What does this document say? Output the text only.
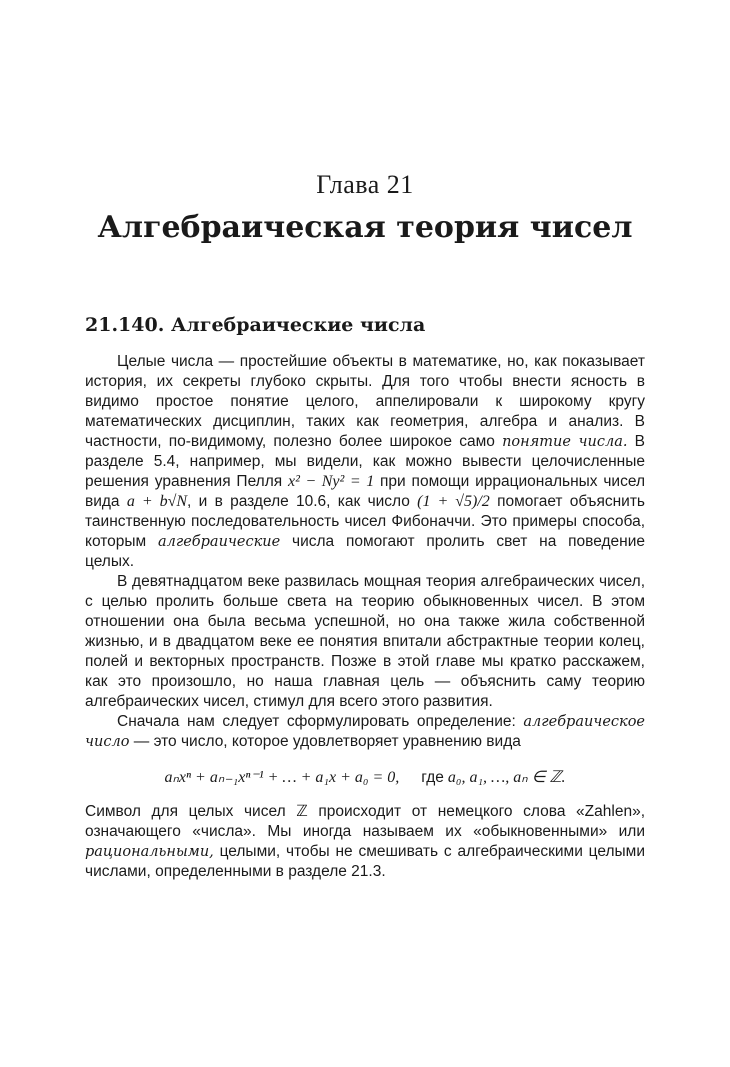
Глава 21
Алгебраическая теория чисел
21.140. Алгебраические числа

Целые числа — простейшие объекты в математике, но, как показывает история, их секреты глубоко скрыты. Для того чтобы внести ясность в видимо простое понятие целого, аппелировали к широкому кругу математических дисциплин, таких как геометрия, алгебра и анализ. В частности, по-видимому, полезно более широкое само понятие числа. В разделе 5.4, например, мы видели, как можно вывести целочисленные решения уравнения Пелля x² − Ny² = 1 при помощи иррациональных чисел вида a + b√N, и в разделе 10.6, как число (1 + √5)/2 помогает объяснить таинственную последовательность чисел Фибоначчи. Это примеры способа, которым алгебраические числа помогают пролить свет на поведение целых.

В девятнадцатом веке развилась мощная теория алгебраических чисел, с целью пролить больше света на теорию обыкновенных чисел. В этом отношении она была весьма успешной, но она также жила собственной жизнью, и в двадцатом веке ее понятия впитали абстрактные теории колец, полей и векторных пространств. Позже в этой главе мы кратко расскажем, как это произошло, но наша главная цель — объяснить саму теорию алгебраических чисел, стимул для всего этого развития.

Сначала нам следует сформулировать определение: алгебраическое число — это число, которое удовлетворяет уравнению вида

aₙxⁿ + aₙ₋₁xⁿ⁻¹ + … + a₁x + a₀ = 0, где a₀, a₁, …, aₙ ∈ ℤ.

Символ для целых чисел ℤ происходит от немецкого слова «Zahlen», означающего «числа». Мы иногда называем их «обыкновенными» или рациональными, целыми, чтобы не смешивать с алгебраическими целыми числами, определенными в разделе 21.3.
